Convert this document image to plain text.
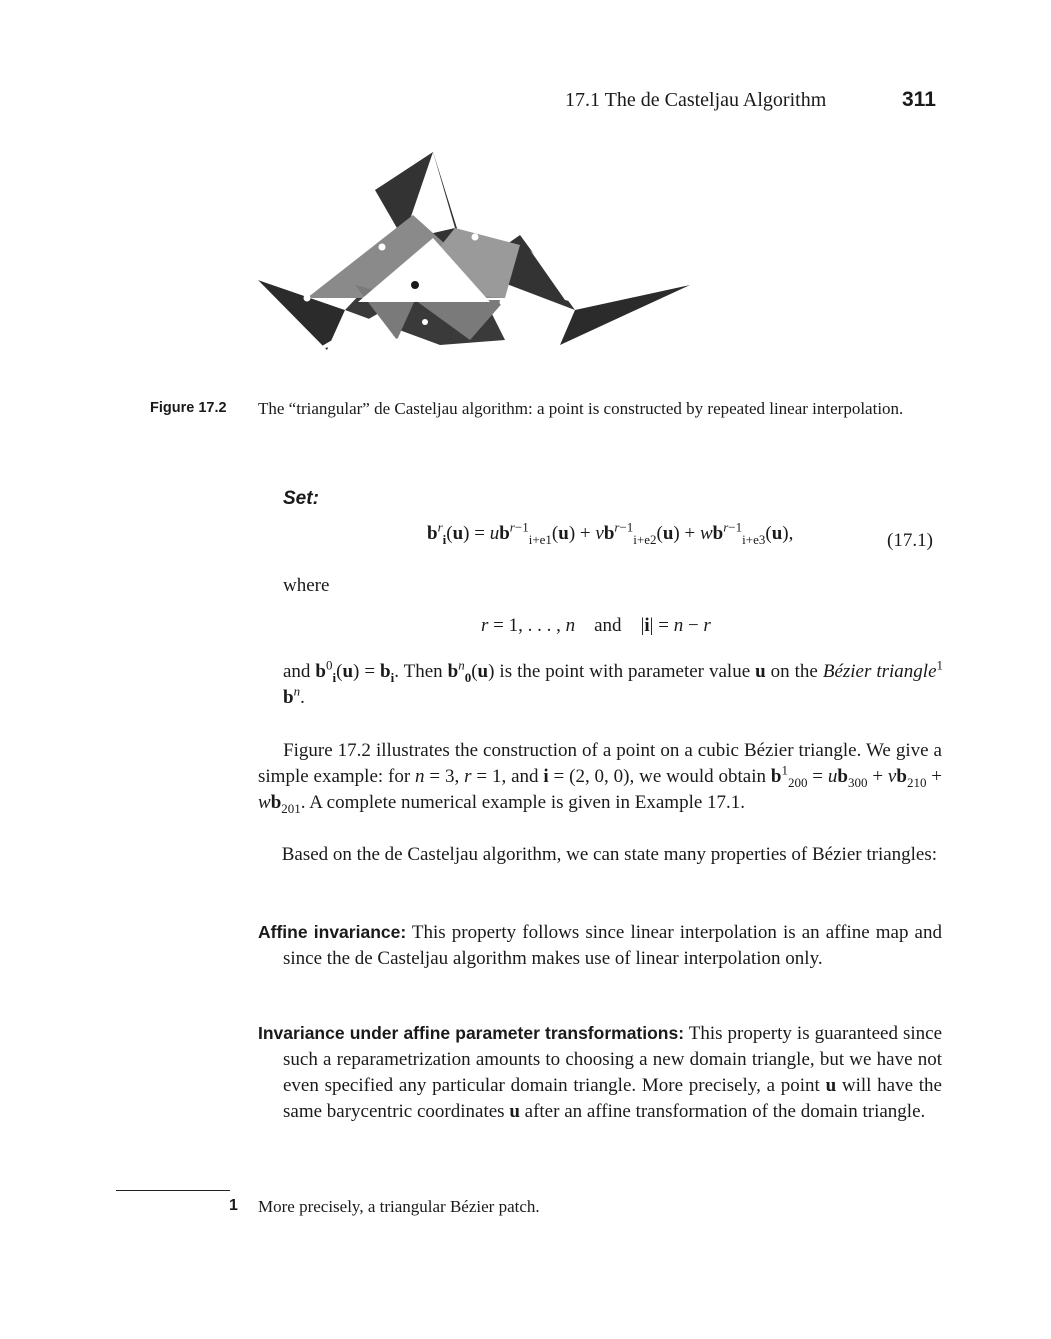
17.1 The de Casteljau Algorithm	311
Figure 17.2 The “triangular” de Casteljau algorithm: a point is constructed by repeated linear interpolation.
Set:
$b^r_i(u) = ub^{r-1}_{i+e1}(u) + vb^{r-1}_{i+e2}(u) + wb^{r-1}_{i+e3}(u)$,	(17.1)
where
r = 1, . . . , n and    |i| = n − r
and $b^0_i(u) = b_i$. Then $b^n_0(u)$ is the point with parameter value u on the Bézier triangle$^1$ $b^n$.
Figure 17.2 illustrates the construction of a point on a cubic Bézier triangle. We give a simple example: for n = 3, r = 1, and i = (2, 0, 0), we would obtain $b^1_{200} = ub_{300} + vb_{210} + wb_{201}$. A complete numerical example is given in Example 17.1.
Based on the de Casteljau algorithm, we can state many properties of Bézier triangles:
Affine invariance: This property follows since linear interpolation is an affine map and since the de Casteljau algorithm makes use of linear interpolation only.
Invariance under affine parameter transformations: This property is guaranteed since such a reparametrization amounts to choosing a new domain triangle, but we have not even specified any particular domain triangle. More precisely, a point u will have the same barycentric coordinates u after an affine transformation of the domain triangle.
1 More precisely, a triangular Bézier patch.
